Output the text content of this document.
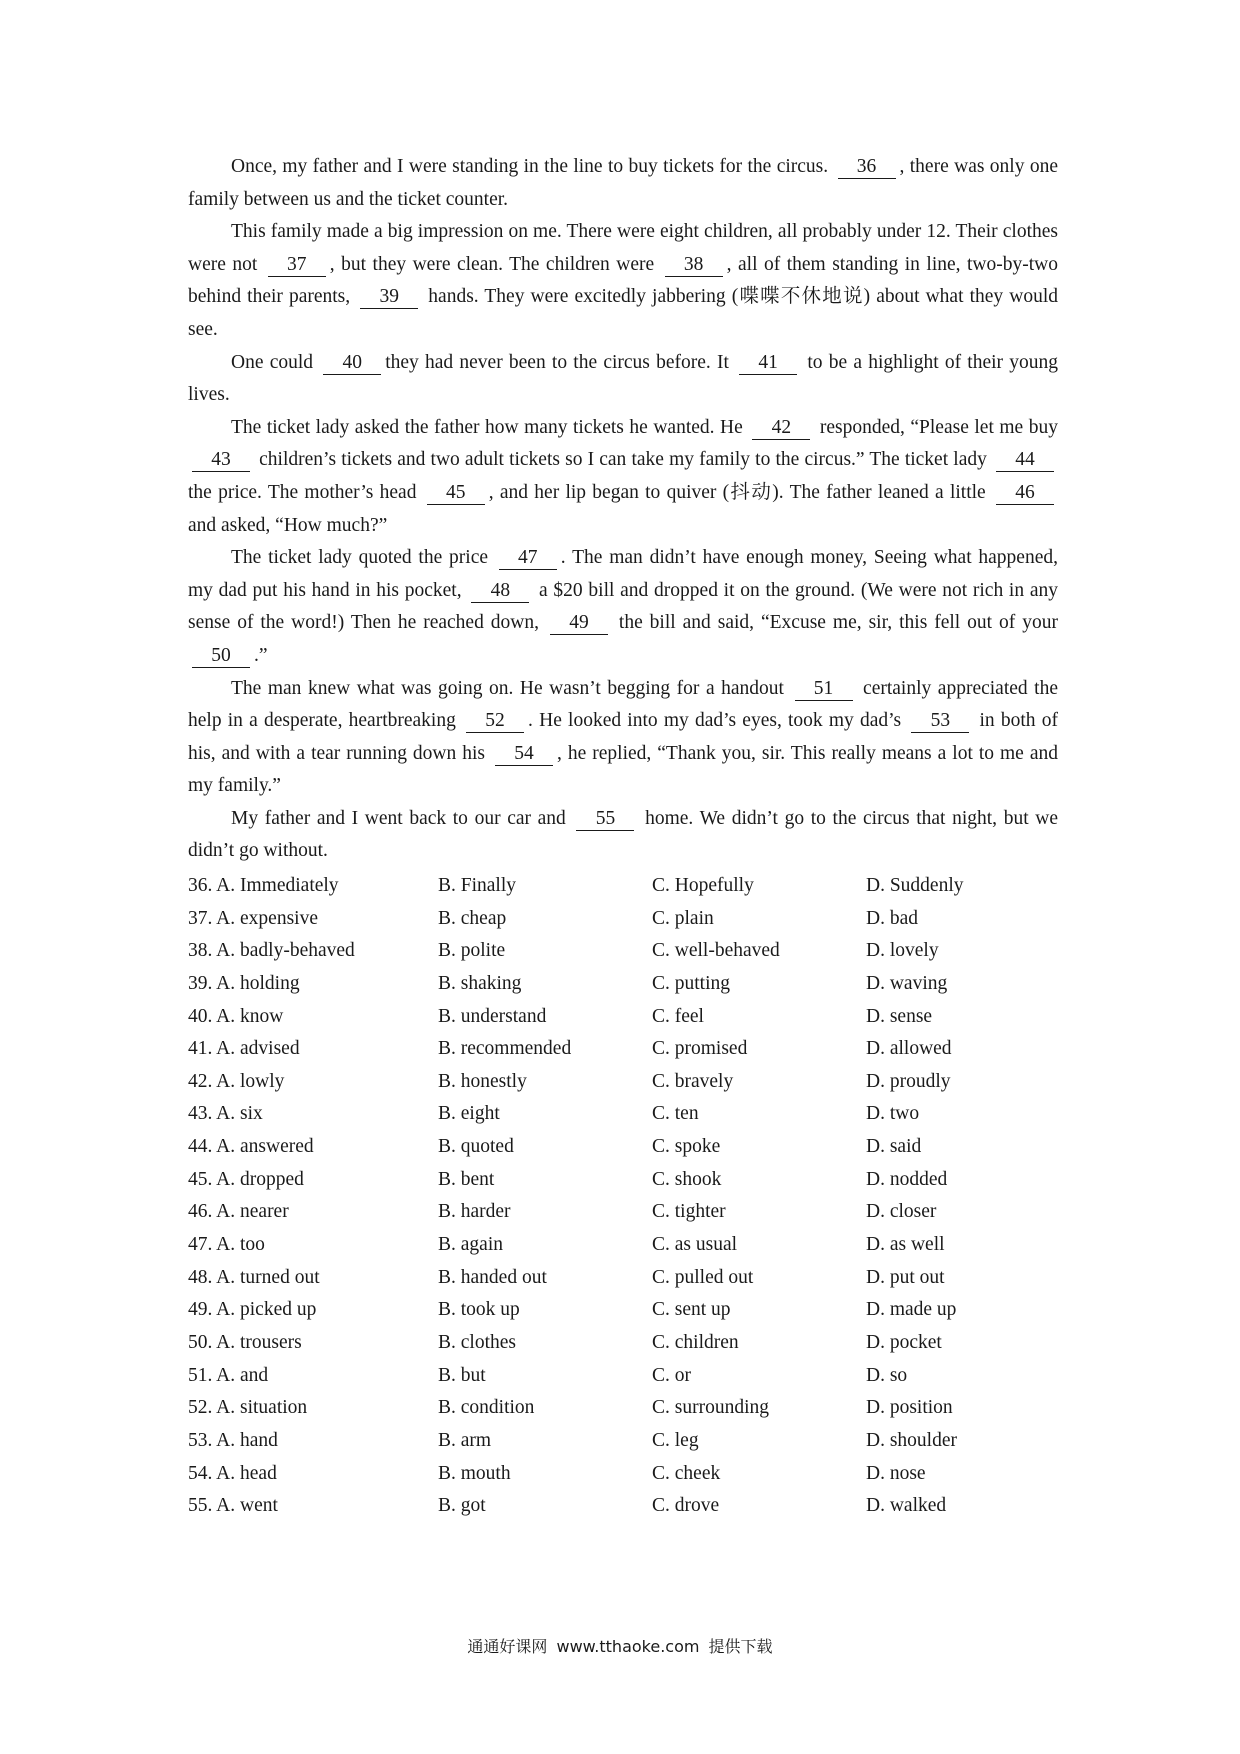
Once, my father and I were standing in the line to buy tickets for the circus. 36 , there was only one family between us and the ticket counter.

This family made a big impression on me. There were eight children, all probably under 12. Their clothes were not 37 , but they were clean. The children were 38 , all of them standing in line, two-by-two behind their parents, 39 hands. They were excitedly jabbering (喋喋不休地说) about what they would see.

One could 40 they had never been to the circus before. It 41 to be a highlight of their young lives.

The ticket lady asked the father how many tickets he wanted. He 42 responded, “Please let me buy 43 children’s tickets and two adult tickets so I can take my family to the circus.” The ticket lady 44 the price. The mother’s head 45 , and her lip began to quiver (抖动). The father leaned a little 46 and asked, “How much?”

The ticket lady quoted the price 47 . The man didn’t have enough money, Seeing what happened, my dad put his hand in his pocket, 48 a $20 bill and dropped it on the ground. (We were not rich in any sense of the word!) Then he reached down, 49 the bill and said, “Excuse me, sir, this fell out of your 50 .”

The man knew what was going on. He wasn’t begging for a handout 51 certainly appreciated the help in a desperate, heartbreaking 52 . He looked into my dad’s eyes, took my dad’s 53 in both of his, and with a tear running down his 54 , he replied, “Thank you, sir. This really means a lot to me and my family.”

My father and I went back to our car and 55 home. We didn’t go to the circus that night, but we didn’t go without.

36. A. Immediately	B. Finally	C. Hopefully	D. Suddenly
37. A. expensive	B. cheap	C. plain	D. bad
38. A. badly-behaved	B. polite	C. well-behaved	D. lovely
39. A. holding	B. shaking	C. putting	D. waving
40. A. know	B. understand	C. feel	D. sense
41. A. advised	B. recommended	C. promised	D. allowed
42. A. lowly	B. honestly	C. bravely	D. proudly
43. A. six	B. eight	C. ten	D. two
44. A. answered	B. quoted	C. spoke	D. said
45. A. dropped	B. bent	C. shook	D. nodded
46. A. nearer	B. harder	C. tighter	D. closer
47. A. too	B. again	C. as usual	D. as well
48. A. turned out	B. handed out	C. pulled out	D. put out
49. A. picked up	B. took up	C. sent up	D. made up
50. A. trousers	B. clothes	C. children	D. pocket
51. A. and	B. but	C. or	D. so
52. A. situation	B. condition	C. surrounding	D. position
53. A. hand	B. arm	C. leg	D. shoulder
54. A. head	B. mouth	C. cheek	D. nose
55. A. went	B. got	C. drove	D. walked
通通好课网 www.tthaoke.com 提供下载
